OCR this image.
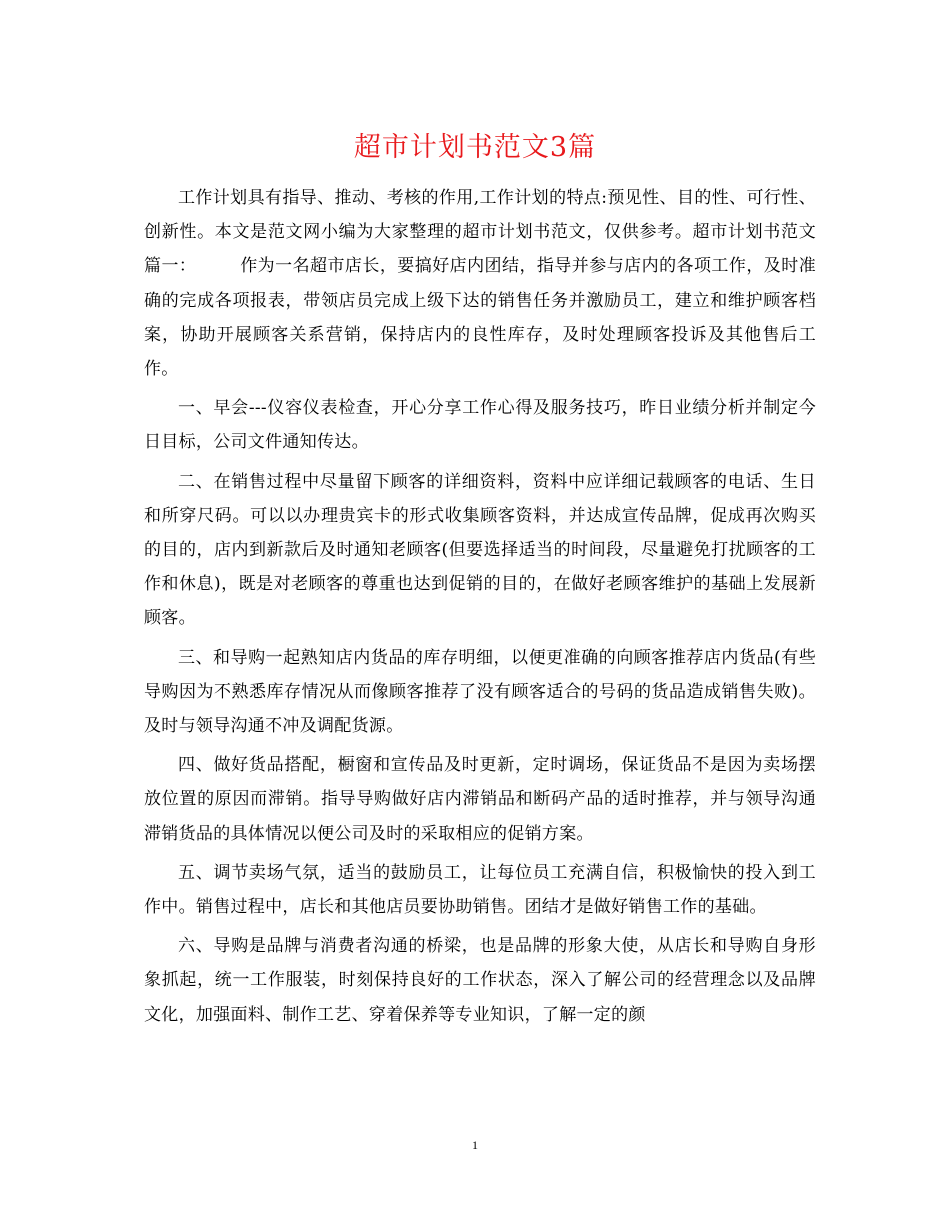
超市计划书范文3篇

工作计划具有指导、推动、考核的作用,工作计划的特点:预见性、目的性、可行性、创新性。本文是范文网小编为大家整理的超市计划书范文，仅供参考。超市计划书范文篇一：　　　作为一名超市店长，要搞好店内团结，指导并参与店内的各项工作，及时准确的完成各项报表，带领店员完成上级下达的销售任务并激励员工，建立和维护顾客档案，协助开展顾客关系营销，保持店内的良性库存，及时处理顾客投诉及其他售后工作。

一、早会---仪容仪表检查，开心分享工作心得及服务技巧，昨日业绩分析并制定今日目标，公司文件通知传达。

二、在销售过程中尽量留下顾客的详细资料，资料中应详细记载顾客的电话、生日和所穿尺码。可以以办理贵宾卡的形式收集顾客资料，并达成宣传品牌，促成再次购买的目的，店内到新款后及时通知老顾客(但要选择适当的时间段，尽量避免打扰顾客的工作和休息)，既是对老顾客的尊重也达到促销的目的，在做好老顾客维护的基础上发展新顾客。

三、和导购一起熟知店内货品的库存明细，以便更准确的向顾客推荐店内货品(有些导购因为不熟悉库存情况从而像顾客推荐了没有顾客适合的号码的货品造成销售失败)。及时与领导沟通不冲及调配货源。

四、做好货品搭配，橱窗和宣传品及时更新，定时调场，保证货品不是因为卖场摆放位置的原因而滞销。指导导购做好店内滞销品和断码产品的适时推荐，并与领导沟通滞销货品的具体情况以便公司及时的采取相应的促销方案。

五、调节卖场气氛，适当的鼓励员工，让每位员工充满自信，积极愉快的投入到工作中。销售过程中，店长和其他店员要协助销售。团结才是做好销售工作的基础。

六、导购是品牌与消费者沟通的桥梁，也是品牌的形象大使，从店长和导购自身形象抓起，统一工作服装，时刻保持良好的工作状态，深入了解公司的经营理念以及品牌文化，加强面料、制作工艺、穿着保养等专业知识，了解一定的颜

1
